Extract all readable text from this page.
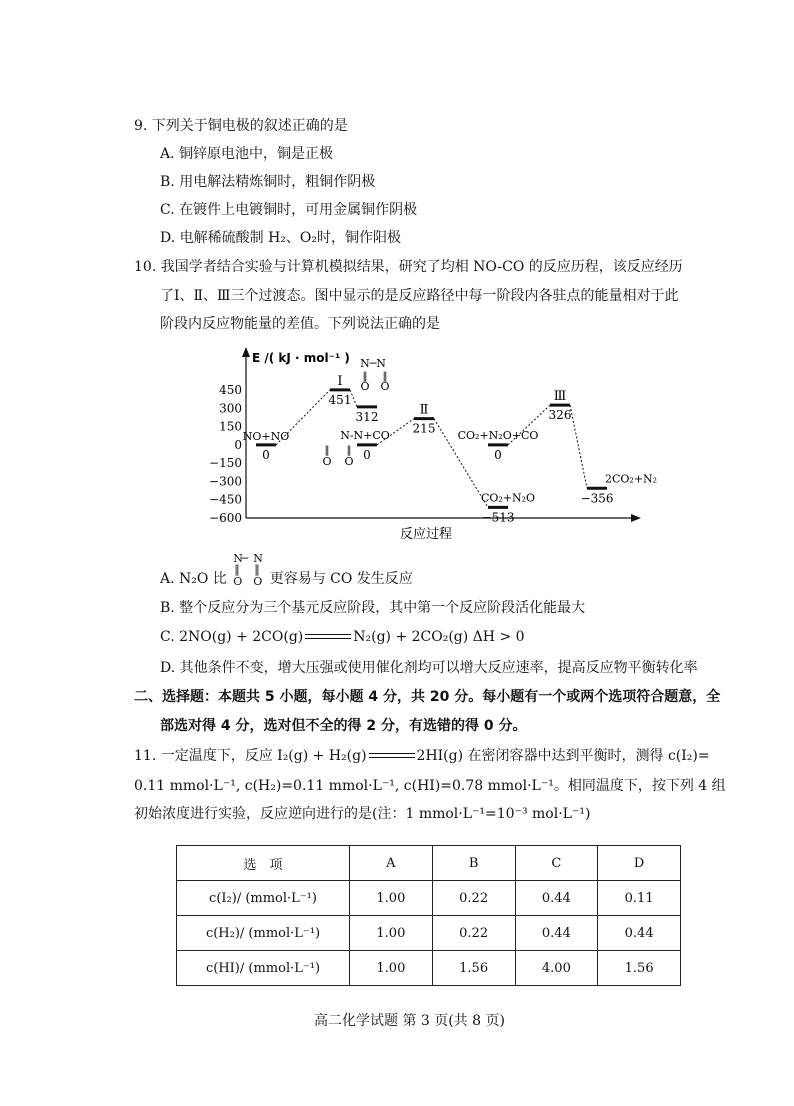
9. 下列关于铜电极的叙述正确的是
A. 铜锌原电池中，铜是正极
B. 用电解法精炼铜时，粗铜作阴极
C. 在镀件上电镀铜时，可用金属铜作阴极
D. 电解稀硫酸制 H₂、O₂时，铜作阳极
10. 我国学者结合实验与计算机模拟结果，研究了均相 NO-CO 的反应历程，该反应经历
了Ⅰ、Ⅱ、Ⅲ三个过渡态。图中显示的是反应路径中每一阶段内各驻点的能量相对于此
阶段内反应物能量的差值。下列说法正确的是
E /( kJ · mol⁻¹ )
反应过程
450
300
150
0
−150
−300
−450
−600
0
451
312
0
215
−513
0
326
−356
NO+NO
Ⅰ
Ⅱ
Ⅲ
CO₂+N₂O+CO
CO₂+N₂O
2CO₂+N₂
N-N+CO
‖ ‖
O O
N─N
‖ ‖
O O
A. N₂O 比
N
─ N
‖ ‖
O O 更容易与 CO 发生反应
B. 整个反应分为三个基元反应阶段，其中第一个反应阶段活化能最大
C. 2NO(g) + 2CO(g)	N₂(g) + 2CO₂(g) ΔH > 0
D. 其他条件不变，增大压强或使用催化剂均可以增大反应速率，提高反应物平衡转化率
二、选择题：本题共 5 小题，每小题 4 分，共 20 分。每小题有一个或两个选项符合题意，全
部选对得 4 分，选对但不全的得 2 分，有选错的得 0 分。
11. 一定温度下，反应 I₂(g) + H₂(g)	2HI(g) 在密闭容器中达到平衡时，测得 c(I₂)=
0.11 mmol·L⁻¹, c(H₂)=0.11 mmol·L⁻¹, c(HI)=0.78 mmol·L⁻¹。相同温度下，按下列 4 组
初始浓度进行实验，反应逆向进行的是(注：1 mmol·L⁻¹=10⁻³ mol·L⁻¹)
选　项	A	B	C	D
c(I₂)/ (mmol·L⁻¹)	1.00	0.22	0.44	0.11
c(H₂)/ (mmol·L⁻¹)	1.00	0.22	0.44	0.44
c(HI)/ (mmol·L⁻¹)	1.00	1.56	4.00	1.56
高二化学试题 第 3 页(共 8 页)
